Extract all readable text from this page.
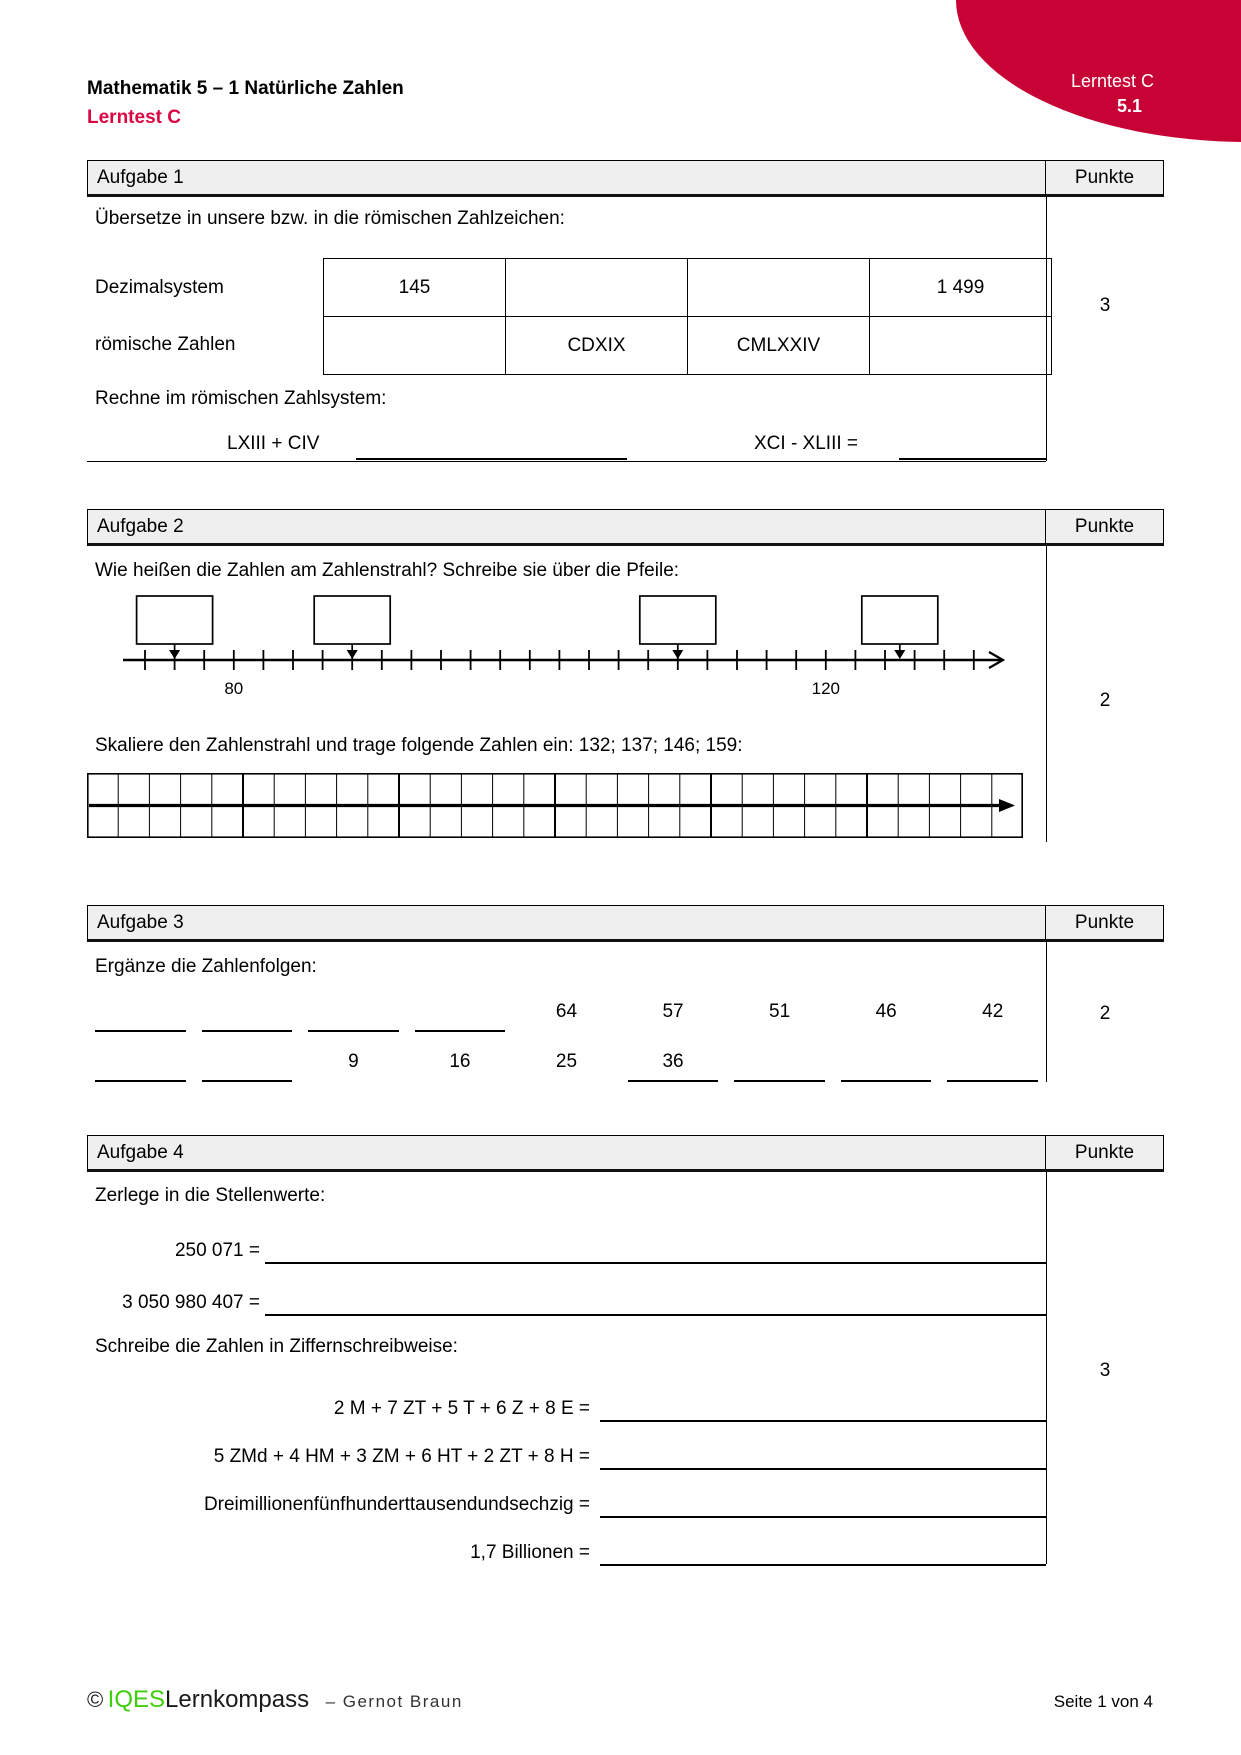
Lerntest C
5.1
Mathematik 5 – 1 Natürliche Zahlen
Lerntest C
Aufgabe 1	Punkte
3
Übersetze in unsere bzw. in die römischen Zahlzeichen:
Dezimalsystem
römische Zahlen
145			1 499
	CDXIX	CMLXXIV	
Rechne im römischen Zahlsystem:
LXIII + CIV	XCI - XLIII =
Aufgabe 2	Punkte
2
Wie heißen die Zahlen am Zahlenstrahl? Schreibe sie über die Pfeile:
80	120
Skaliere den Zahlenstrahl und trage folgende Zahlen ein: 132; 137; 146; 159:
Aufgabe 3	Punkte
2
Ergänze die Zahlenfolgen:
64	57	51	46	42
9	16	25	36
Aufgabe 4	Punkte
3
Zerlege in die Stellenwerte:
250 071 =
3 050 980 407 =
Schreibe die Zahlen in Ziffernschreibweise:
2 M + 7 ZT + 5 T + 6 Z + 8 E =
5 ZMd + 4 HM + 3 ZM + 6 HT + 2 ZT + 8 H =
Dreimillionenfünfhunderttausendundsechzig =
1,7 Billionen =
© IQESLernkompass – Gernot Braun	Seite 1 von 4
